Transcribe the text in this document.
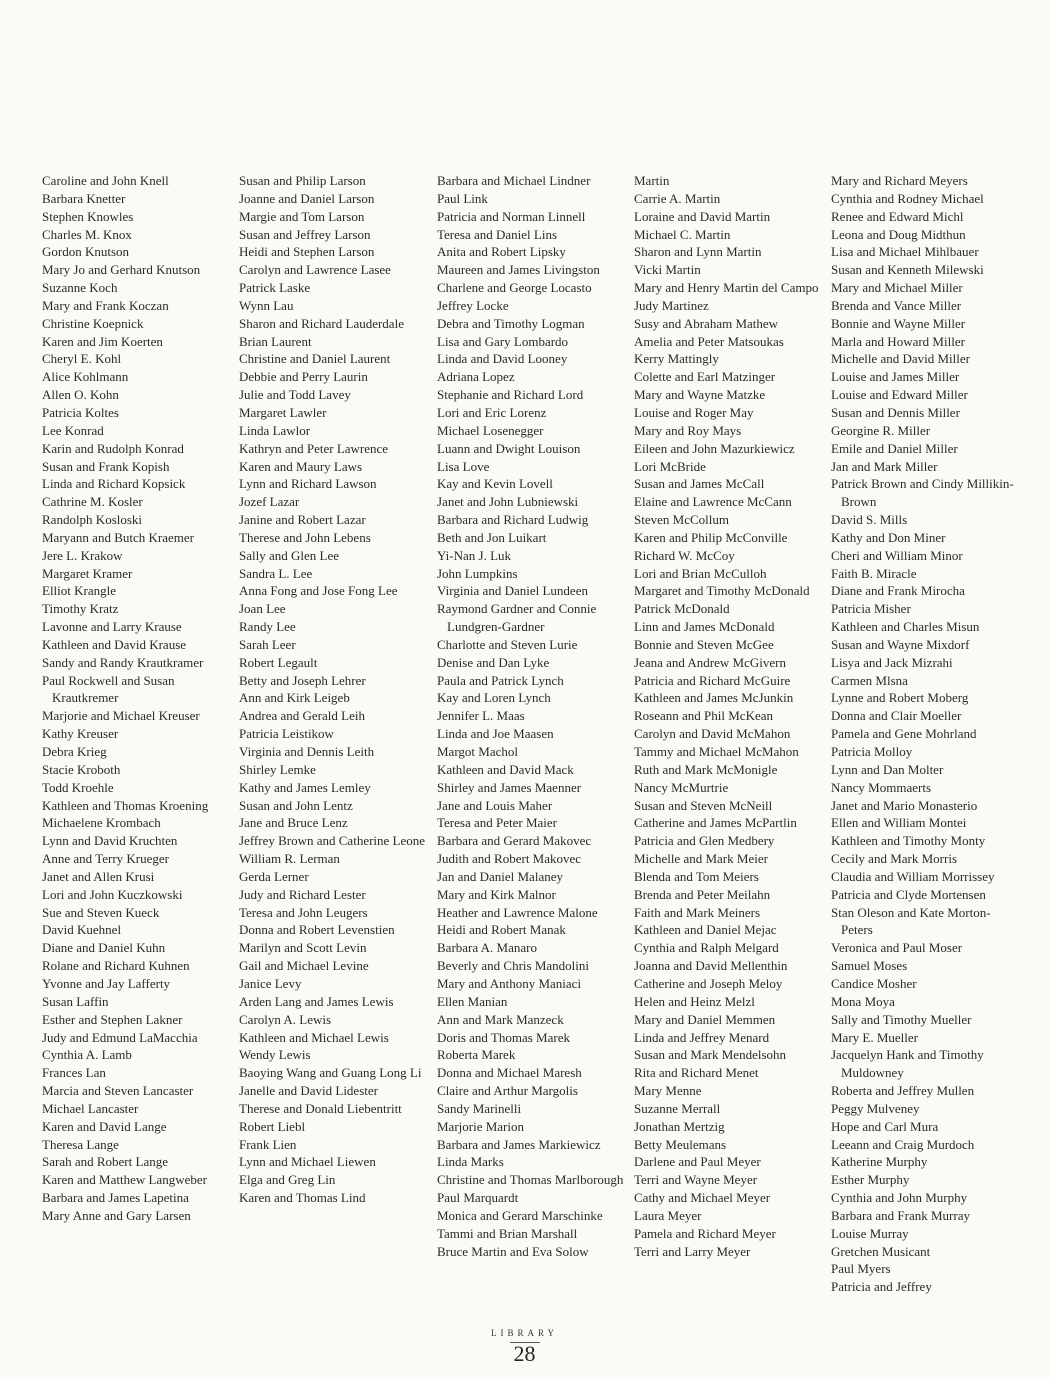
Caroline and John Knell
Barbara Knetter
Stephen Knowles
Charles M. Knox
Gordon Knutson
Mary Jo and Gerhard Knutson
Suzanne Koch
Mary and Frank Koczan
Christine Koepnick
Karen and Jim Koerten
Cheryl E. Kohl
Alice Kohlmann
Allen O. Kohn
Patricia Koltes
Lee Konrad
Karin and Rudolph Konrad
Susan and Frank Kopish
Linda and Richard Kopsick
Cathrine M. Kosler
Randolph Kosloski
Maryann and Butch Kraemer
Jere L. Krakow
Margaret Kramer
Elliot Krangle
Timothy Kratz
Lavonne and Larry Krause
Kathleen and David Krause
Sandy and Randy Krautkramer
Paul Rockwell and Susan Krautkremer
Marjorie and Michael Kreuser
Kathy Kreuser
Debra Krieg
Stacie Kroboth
Todd Kroehle
Kathleen and Thomas Kroening
Michaelene Krombach
Lynn and David Kruchten
Anne and Terry Krueger
Janet and Allen Krusi
Lori and John Kuczkowski
Sue and Steven Kueck
David Kuehnel
Diane and Daniel Kuhn
Rolane and Richard Kuhnen
Yvonne and Jay Lafferty
Susan Laffin
Esther and Stephen Lakner
Judy and Edmund LaMacchia
Cynthia A. Lamb
Frances Lan
Marcia and Steven Lancaster
Michael Lancaster
Karen and David Lange
Theresa Lange
Sarah and Robert Lange
Karen and Matthew Langweber
Barbara and James Lapetina
Mary Anne and Gary Larsen
Susan and Philip Larson
Joanne and Daniel Larson
Margie and Tom Larson
Susan and Jeffrey Larson
Heidi and Stephen Larson
Carolyn and Lawrence Lasee
Patrick Laske
Wynn Lau
Sharon and Richard Lauderdale
Brian Laurent
Christine and Daniel Laurent
Debbie and Perry Laurin
Julie and Todd Lavey
Margaret Lawler
Linda Lawlor
Kathryn and Peter Lawrence
Karen and Maury Laws
Lynn and Richard Lawson
Jozef Lazar
Janine and Robert Lazar
Therese and John Lebens
Sally and Glen Lee
Sandra L. Lee
Anna Fong and Jose Fong Lee
Joan Lee
Randy Lee
Sarah Leer
Robert Legault
Betty and Joseph Lehrer
Ann and Kirk Leigeb
Andrea and Gerald Leih
Patricia Leistikow
Virginia and Dennis Leith
Shirley Lemke
Kathy and James Lemley
Susan and John Lentz
Jane and Bruce Lenz
Jeffrey Brown and Catherine Leone
William R. Lerman
Gerda Lerner
Judy and Richard Lester
Teresa and John Leugers
Donna and Robert Levenstien
Marilyn and Scott Levin
Gail and Michael Levine
Janice Levy
Arden Lang and James Lewis
Carolyn A. Lewis
Kathleen and Michael Lewis
Wendy Lewis
Baoying Wang and Guang Long Li
Janelle and David Lidester
Therese and Donald Liebentritt
Robert Liebl
Frank Lien
Lynn and Michael Liewen
Elga and Greg Lin
Karen and Thomas Lind
Barbara and Michael Lindner
Paul Link
Patricia and Norman Linnell
Teresa and Daniel Lins
Anita and Robert Lipsky
Maureen and James Livingston
Charlene and George Locasto
Jeffrey Locke
Debra and Timothy Logman
Lisa and Gary Lombardo
Linda and David Looney
Adriana Lopez
Stephanie and Richard Lord
Lori and Eric Lorenz
Michael Losenegger
Luann and Dwight Louison
Lisa Love
Kay and Kevin Lovell
Janet and John Lubniewski
Barbara and Richard Ludwig
Beth and Jon Luikart
Yi-Nan J. Luk
John Lumpkins
Virginia and Daniel Lundeen
Raymond Gardner and Connie Lundgren-Gardner
Charlotte and Steven Lurie
Denise and Dan Lyke
Paula and Patrick Lynch
Kay and Loren Lynch
Jennifer L. Maas
Linda and Joe Maasen
Margot Machol
Kathleen and David Mack
Shirley and James Maenner
Jane and Louis Maher
Teresa and Peter Maier
Barbara and Gerard Makovec
Judith and Robert Makovec
Jan and Daniel Malaney
Mary and Kirk Malnor
Heather and Lawrence Malone
Heidi and Robert Manak
Barbara A. Manaro
Beverly and Chris Mandolini
Mary and Anthony Maniaci
Ellen Manian
Ann and Mark Manzeck
Doris and Thomas Marek
Roberta Marek
Donna and Michael Maresh
Claire and Arthur Margolis
Sandy Marinelli
Marjorie Marion
Barbara and James Markiewicz
Linda Marks
Christine and Thomas Marlborough
Paul Marquardt
Monica and Gerard Marschinke
Tammi and Brian Marshall
Bruce Martin and Eva Solow
Martin
Carrie A. Martin
Loraine and David Martin
Michael C. Martin
Sharon and Lynn Martin
Vicki Martin
Mary and Henry Martin del Campo
Judy Martinez
Susy and Abraham Mathew
Amelia and Peter Matsoukas
Kerry Mattingly
Colette and Earl Matzinger
Mary and Wayne Matzke
Louise and Roger May
Mary and Roy Mays
Eileen and John Mazurkiewicz
Lori McBride
Susan and James McCall
Elaine and Lawrence McCann
Steven McCollum
Karen and Philip McConville
Richard W. McCoy
Lori and Brian McCulloh
Margaret and Timothy McDonald
Patrick McDonald
Linn and James McDonald
Bonnie and Steven McGee
Jeana and Andrew McGivern
Patricia and Richard McGuire
Kathleen and James McJunkin
Roseann and Phil McKean
Carolyn and David McMahon
Tammy and Michael McMahon
Ruth and Mark McMonigle
Nancy McMurtrie
Susan and Steven McNeill
Catherine and James McPartlin
Patricia and Glen Medbery
Michelle and Mark Meier
Blenda and Tom Meiers
Brenda and Peter Meilahn
Faith and Mark Meiners
Kathleen and Daniel Mejac
Cynthia and Ralph Melgard
Joanna and David Mellenthin
Catherine and Joseph Meloy
Helen and Heinz Melzl
Mary and Daniel Memmen
Linda and Jeffrey Menard
Susan and Mark Mendelsohn
Rita and Richard Menet
Mary Menne
Suzanne Merrall
Jonathan Mertzig
Betty Meulemans
Darlene and Paul Meyer
Terri and Wayne Meyer
Cathy and Michael Meyer
Laura Meyer
Pamela and Richard Meyer
Terri and Larry Meyer
Mary and Richard Meyers
Cynthia and Rodney Michael
Renee and Edward Michl
Leona and Doug Midthun
Lisa and Michael Mihlbauer
Susan and Kenneth Milewski
Mary and Michael Miller
Brenda and Vance Miller
Bonnie and Wayne Miller
Marla and Howard Miller
Michelle and David Miller
Louise and James Miller
Louise and Edward Miller
Susan and Dennis Miller
Georgine R. Miller
Emile and Daniel Miller
Jan and Mark Miller
Patrick Brown and Cindy Millikin-Brown
David S. Mills
Kathy and Don Miner
Cheri and William Minor
Faith B. Miracle
Diane and Frank Mirocha
Patricia Misher
Kathleen and Charles Misun
Susan and Wayne Mixdorf
Lisya and Jack Mizrahi
Carmen Mlsna
Lynne and Robert Moberg
Donna and Clair Moeller
Pamela and Gene Mohrland
Patricia Molloy
Lynn and Dan Molter
Nancy Mommaerts
Janet and Mario Monasterio
Ellen and William Montei
Kathleen and Timothy Monty
Cecily and Mark Morris
Claudia and William Morrissey
Patricia and Clyde Mortensen
Stan Oleson and Kate Morton-Peters
Veronica and Paul Moser
Samuel Moses
Candice Mosher
Mona Moya
Sally and Timothy Mueller
Mary E. Mueller
Jacquelyn Hank and Timothy Muldowney
Roberta and Jeffrey Mullen
Peggy Mulveney
Hope and Carl Mura
Leeann and Craig Murdoch
Katherine Murphy
Esther Murphy
Cynthia and John Murphy
Barbara and Frank Murray
Louise Murray
Gretchen Musicant
Paul Myers
Patricia and Jeffrey
LIBRARY
28
